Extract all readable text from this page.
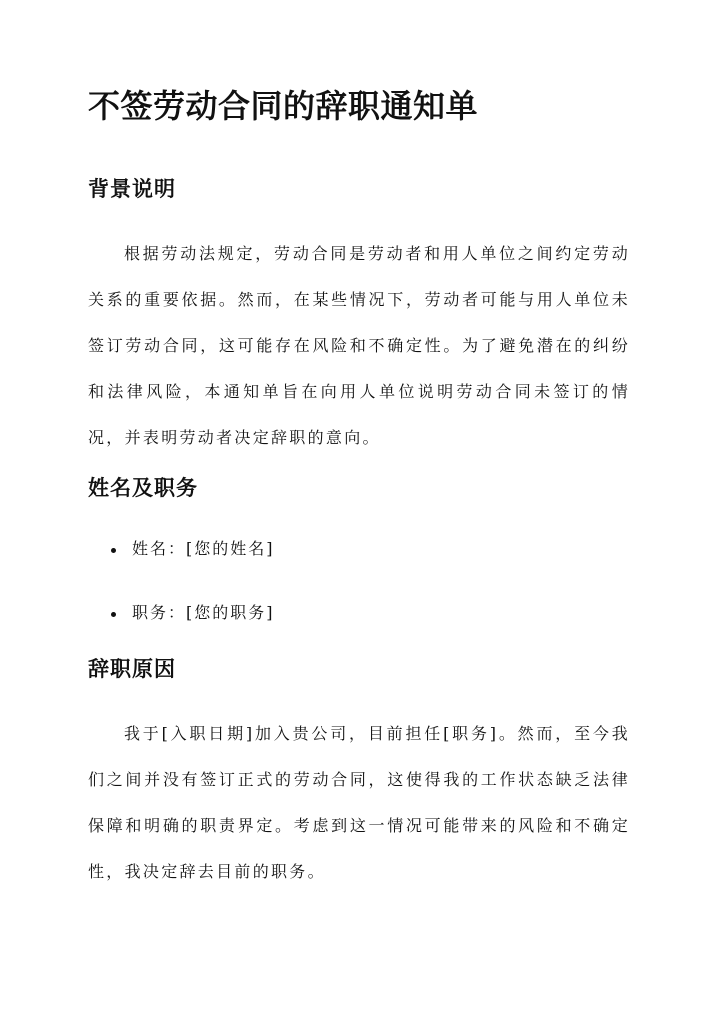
不签劳动合同的辞职通知单
背景说明

根据劳动法规定，劳动合同是劳动者和用人单位之间约定劳动关系的重要依据。然而，在某些情况下，劳动者可能与用人单位未签订劳动合同，这可能存在风险和不确定性。为了避免潜在的纠纷和法律风险，本通知单旨在向用人单位说明劳动合同未签订的情况，并表明劳动者决定辞职的意向。

姓名及职务
姓名：[您的姓名]
职务：[您的职务]
辞职原因

我于[入职日期]加入贵公司，目前担任[职务]。然而，至今我们之间并没有签订正式的劳动合同，这使得我的工作状态缺乏法律保障和明确的职责界定。考虑到这一情况可能带来的风险和不确定性，我决定辞去目前的职务。
